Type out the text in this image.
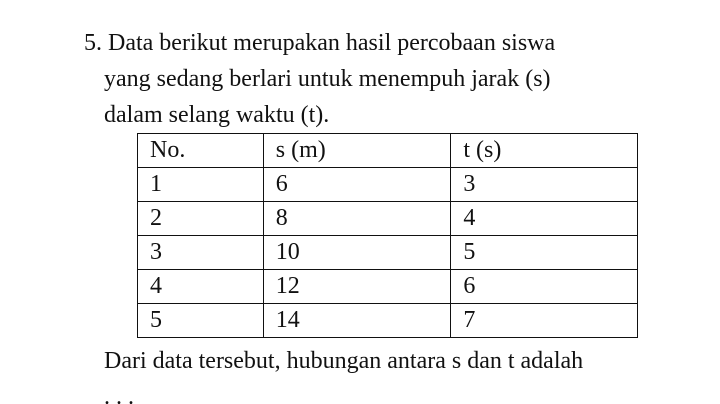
5. Data berikut merupakan hasil percobaan siswa
yang sedang berlari untuk menempuh jarak (s)
dalam selang waktu (t).
No.	s (m)	t (s)
1	6	3
2	8	4
3	10	5
4	12	6
5	14	7
Dari data tersebut, hubungan antara s dan t adalah
. . .
